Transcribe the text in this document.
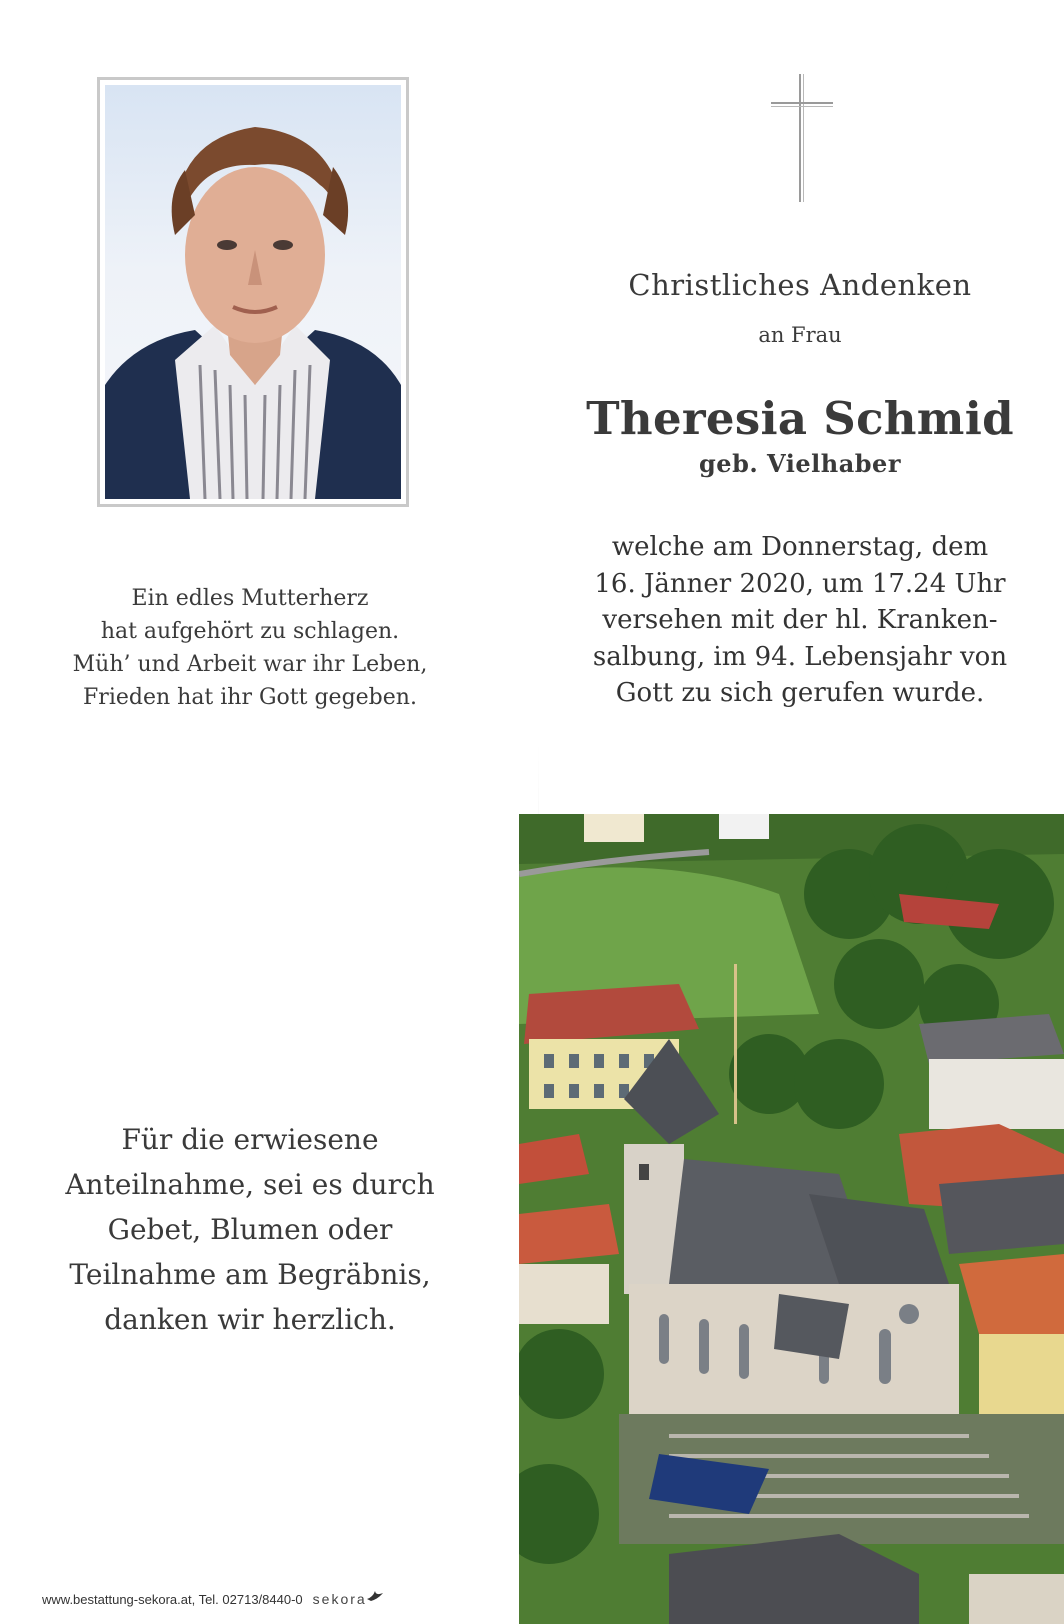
Christliches Andenken
an Frau
Theresia Schmid
geb. Vielhaber
welche am Donnerstag, dem
16. Jänner 2020, um 17.24 Uhr
versehen mit der hl. Kranken-
salbung, im 94. Lebensjahr von
Gott zu sich gerufen wurde.
Ein edles Mutterherz
hat aufgehört zu schlagen.
Müh’ und Arbeit war ihr Leben,
Frieden hat ihr Gott gegeben.
Für die erwiesene
Anteilnahme, sei es durch
Gebet, Blumen oder
Teilnahme am Begräbnis,
danken wir herzlich.
www.bestattung-sekora.at, Tel. 02713/8440-0 sekora
